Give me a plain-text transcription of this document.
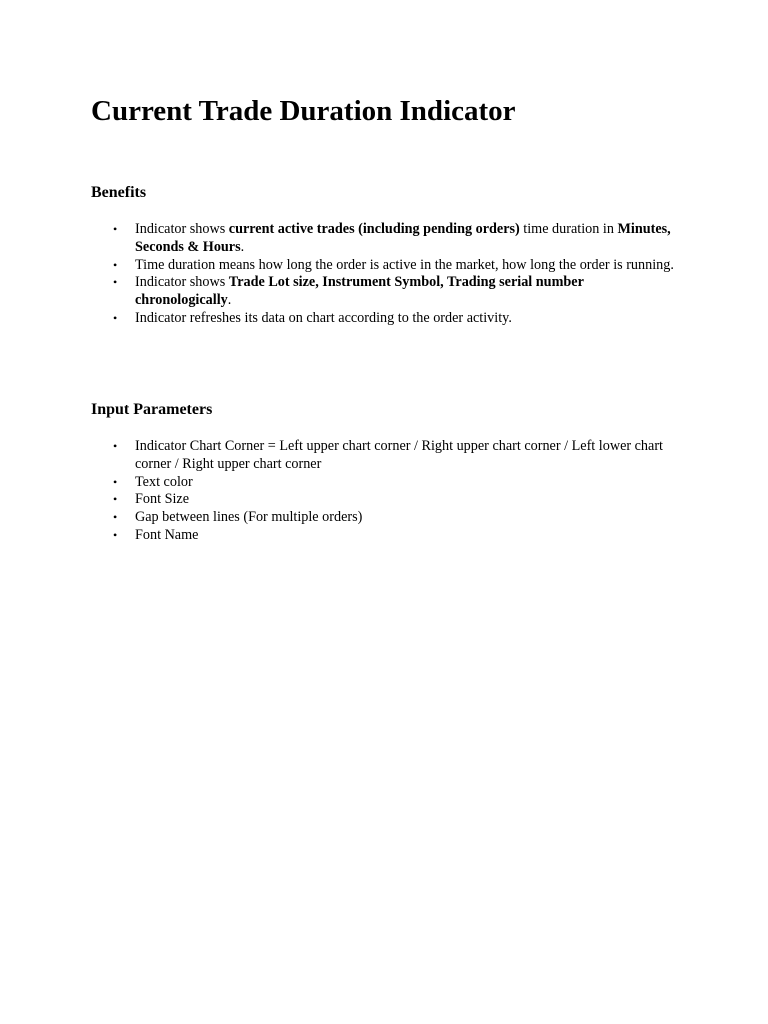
Current Trade Duration Indicator
Benefits
• Indicator shows current active trades (including pending orders) time duration in Minutes, Seconds & Hours.
• Time duration means how long the order is active in the market, how long the order is running.
• Indicator shows Trade Lot size, Instrument Symbol, Trading serial number chronologically.
• Indicator refreshes its data on chart according to the order activity.
Input Parameters
• Indicator Chart Corner = Left upper chart corner / Right upper chart corner / Left lower chart corner / Right upper chart corner
• Text color
• Font Size
• Gap between lines (For multiple orders)
• Font Name
